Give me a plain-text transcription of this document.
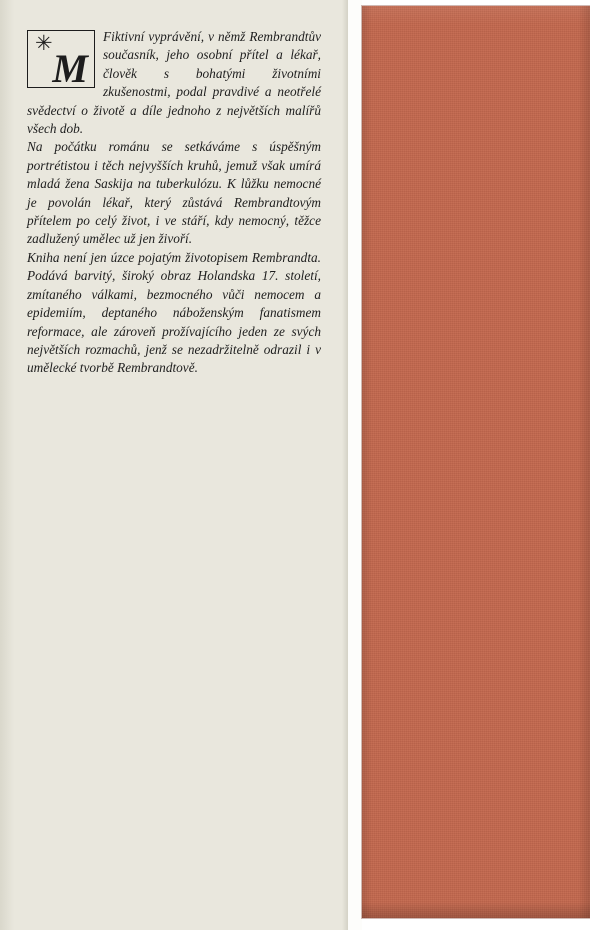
✳
M

Fiktivní vyprávění, v němž Rembrandtův současník, jeho osobní přítel a lékař, člověk s bohatými životními zkušenostmi, podal pravdivé a neotřelé svědectví o životě a díle jednoho z největších malířů všech dob.

Na počátku románu se setkáváme s úspěšným portrétistou i těch nejvyšších kruhů, jemuž však umírá mladá žena Saskija na tuberkulózu. K lůžku nemocné je povolán lékař, který zůstává Rembrandtovým přítelem po celý život, i ve stáří, kdy nemocný, těžce zadlužený umělec už jen živoří.

Kniha není jen úzce pojatým životopisem Rembrandta. Podává barvitý, široký obraz Holandska 17. století, zmítaného válkami, bezmocného vůči nemocem a epidemiím, deptaného náboženským fanatismem reformace, ale zároveň prožívajícího jeden ze svých největších rozmachů, jenž se nezadržitelně odrazil i v umělecké tvorbě Rembrandtově.
